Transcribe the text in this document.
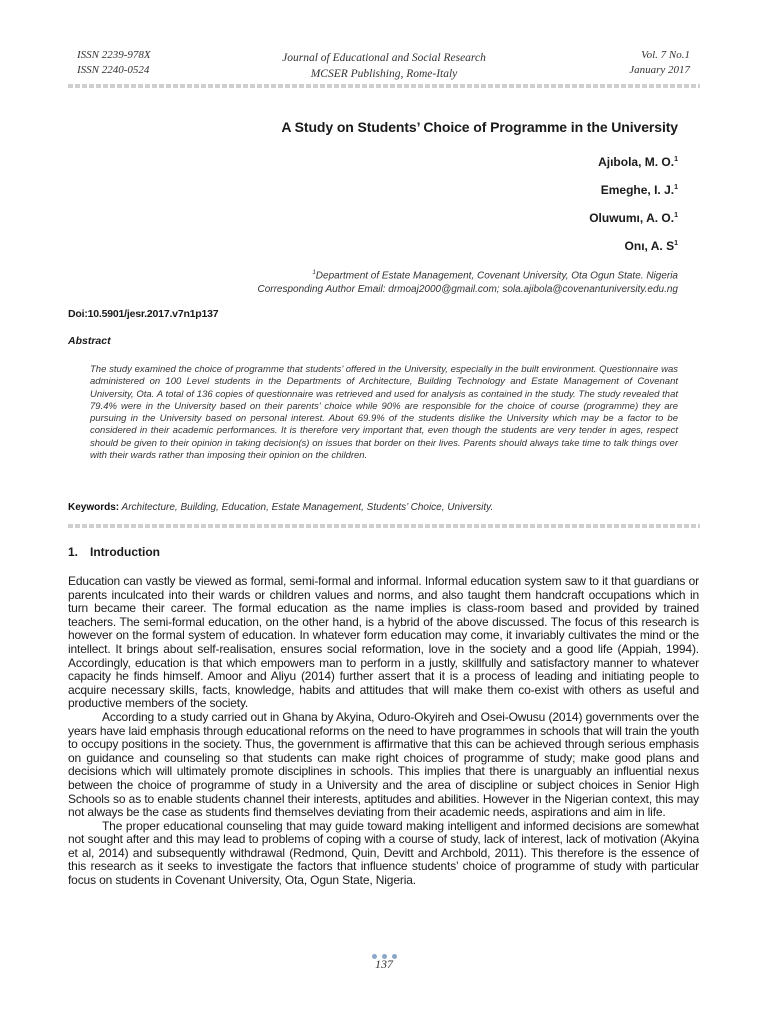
ISSN 2239-978X
ISSN 2240-0524
Journal of Educational and Social Research
MCSER Publishing, Rome-Italy
Vol. 7 No.1
January 2017
A Study on Students’ Choice of Programme in the University
Ajıbola, M. O.$^1$
Emeghe, I. J.$^1$
Oluwumı, A. O.$^1$
Onı, A. $S^1$
$^1$Department of Estate Management, Covenant University, Ota Ogun State. Nigeria
Corresponding Author Email: drmoaj2000@gmail.com; sola.ajibola@covenantuniversity.edu.ng
Doi:10.5901/jesr.2017.v7n1p137
Abstract
The study examined the choice of programme that students’ offered in the University, especially in the built environment. Questionnaire was administered on 100 Level students in the Departments of Architecture, Building Technology and Estate Management of Covenant University, Ota. A total of 136 copies of questionnaire was retrieved and used for analysis as contained in the study. The study revealed that 79.4% were in the University based on their parents’ choice while 90% are responsible for the choice of course (programme) they are pursuing in the University based on personal interest. About 69.9% of the students dislike the University which may be a factor to be considered in their academic performances. It is therefore very important that, even though the students are very tender in ages, respect should be given to their opinion in taking decision(s) on issues that border on their lives. Parents should always take time to talk things over with their wards rather than imposing their opinion on the children.
Keywords: Architecture, Building, Education, Estate Management, Students’ Choice, University.
1. Introduction

Education can vastly be viewed as formal, semi-formal and informal. Informal education system saw to it that guardians or parents inculcated into their wards or children values and norms, and also taught them handcraft occupations which in turn became their career. The formal education as the name implies is class-room based and provided by trained teachers. The semi-formal education, on the other hand, is a hybrid of the above discussed. The focus of this research is however on the formal system of education. In whatever form education may come, it invariably cultivates the mind or the intellect. It brings about self-realisation, ensures social reformation, love in the society and a good life (Appiah, 1994). Accordingly, education is that which empowers man to perform in a justly, skillfully and satisfactory manner to whatever capacity he finds himself. Amoor and Aliyu (2014) further assert that it is a process of leading and initiating people to acquire necessary skills, facts, knowledge, habits and attitudes that will make them co-exist with others as useful and productive members of the society.

According to a study carried out in Ghana by Akyina, Oduro-Okyireh and Osei-Owusu (2014) governments over the years have laid emphasis through educational reforms on the need to have programmes in schools that will train the youth to occupy positions in the society. Thus, the government is affirmative that this can be achieved through serious emphasis on guidance and counseling so that students can make right choices of programme of study; make good plans and decisions which will ultimately promote disciplines in schools. This implies that there is unarguably an influential nexus between the choice of programme of study in a University and the area of discipline or subject choices in Senior High Schools so as to enable students channel their interests, aptitudes and abilities. However in the Nigerian context, this may not always be the case as students find themselves deviating from their academic needs, aspirations and aim in life.

The proper educational counseling that may guide toward making intelligent and informed decisions are somewhat not sought after and this may lead to problems of coping with a course of study, lack of interest, lack of motivation (Akyina et al, 2014) and subsequently withdrawal (Redmond, Quin, Devitt and Archbold, 2011). This therefore is the essence of this research as it seeks to investigate the factors that influence students’ choice of programme of study with particular focus on students in Covenant University, Ota, Ogun State, Nigeria.

137
